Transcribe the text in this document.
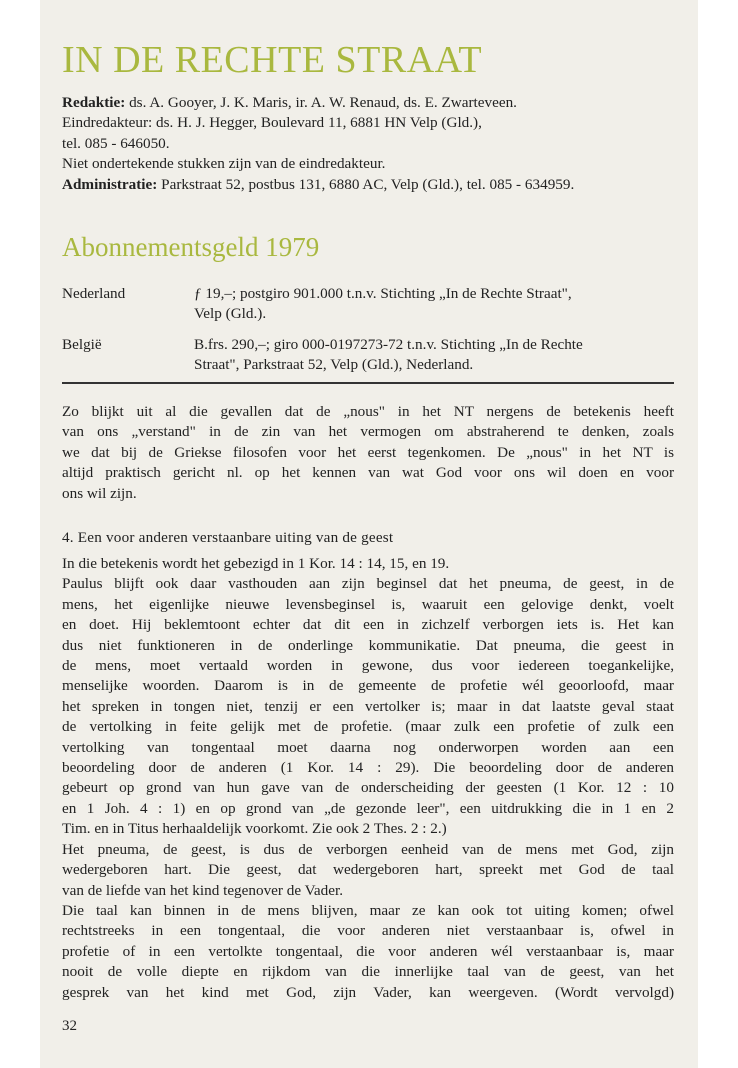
IN DE RECHTE STRAAT
Redaktie: ds. A. Gooyer, J. K. Maris, ir. A. W. Renaud, ds. E. Zwarteveen.
Eindredakteur: ds. H. J. Hegger, Boulevard 11, 6881 HN Velp (Gld.),
tel. 085 - 646050.
Niet ondertekende stukken zijn van de eindredakteur.
Administratie: Parkstraat 52, postbus 131, 6880 AC, Velp (Gld.), tel. 085 - 634959.
Abonnementsgeld 1979
Nederland	ƒ 19,–; postgiro 901.000 t.n.v. Stichting „In de Rechte Straat",
Velp (Gld.).
België	B.frs. 290,–; giro 000-0197273-72 t.n.v. Stichting „In de Rechte
Straat", Parkstraat 52, Velp (Gld.), Nederland.
Zo blijkt uit al die gevallen dat de „nous" in het NT nergens de betekenis heeft
van ons „verstand" in de zin van het vermogen om abstraherend te denken, zoals
we dat bij de Griekse filosofen voor het eerst tegenkomen. De „nous" in het NT is
altijd praktisch gericht nl. op het kennen van wat God voor ons wil doen en voor
ons wil zijn.
4. Een voor anderen verstaanbare uiting van de geest
In die betekenis wordt het gebezigd in 1 Kor. 14 : 14, 15, en 19.
Paulus blijft ook daar vasthouden aan zijn beginsel dat het pneuma, de geest, in de
mens, het eigenlijke nieuwe levensbeginsel is, waaruit een gelovige denkt, voelt
en doet. Hij beklemtoont echter dat dit een in zichzelf verborgen iets is. Het kan
dus niet funktioneren in de onderlinge kommunikatie. Dat pneuma, die geest in
de mens, moet vertaald worden in gewone, dus voor iedereen toegankelijke,
menselijke woorden. Daarom is in de gemeente de profetie wél geoorloofd, maar
het spreken in tongen niet, tenzij er een vertolker is; maar in dat laatste geval staat
de vertolking in feite gelijk met de profetie. (maar zulk een profetie of zulk een
vertolking van tongentaal moet daarna nog onderworpen worden aan een
beoordeling door de anderen (1 Kor. 14 : 29). Die beoordeling door de anderen
gebeurt op grond van hun gave van de onderscheiding der geesten (1 Kor. 12 : 10
en 1 Joh. 4 : 1) en op grond van „de gezonde leer", een uitdrukking die in 1 en 2
Tim. en in Titus herhaaldelijk voorkomt. Zie ook 2 Thes. 2 : 2.)
Het pneuma, de geest, is dus de verborgen eenheid van de mens met God, zijn
wedergeboren hart. Die geest, dat wedergeboren hart, spreekt met God de taal
van de liefde van het kind tegenover de Vader.
Die taal kan binnen in de mens blijven, maar ze kan ook tot uiting komen; ofwel
rechtstreeks in een tongentaal, die voor anderen niet verstaanbaar is, ofwel in
profetie of in een vertolkte tongentaal, die voor anderen wél verstaanbaar is, maar
nooit de volle diepte en rijkdom van die innerlijke taal van de geest, van het
gesprek van het kind met God, zijn Vader, kan weergeven. (Wordt vervolgd)
32
